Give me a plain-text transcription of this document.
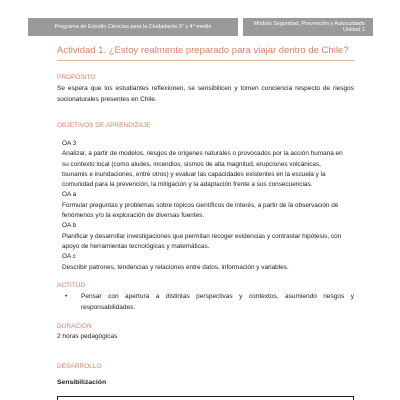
Programa de Estudio Ciencias para la Ciudadanía 3° y 4° medio
Módulo Seguridad, Prevención y Autocuidado
Unidad 1
Actividad 1. ¿Estoy realmente preparado para viajar dentro de Chile?
PROPÓSITO
Se espera que los estudiantes reflexionen, se sensibilicen y tomen conciencia respecto de riesgos socionaturales presentes en Chile.
OBJETIVOS DE APRENDIZAJE
OA 3
Analizar, a partir de modelos, riesgos de orígenes naturales o provocados por la acción humana en
su contexto local (como aludes, incendios, sismos de alta magnitud, erupciones volcánicas,
tsunamis e inundaciones, entre otros) y evaluar las capacidades existentes en la escuela y la
comunidad para la prevención, la mitigación y la adaptación frente a sus consecuencias.
OA a
Formular preguntas y problemas sobre tópicos científicos de interés, a partir de la observación de
fenómenos y/o la exploración de diversas fuentes.
OA b
Planificar y desarrollar investigaciones que permitan recoger evidencias y contrastar hipótesis, con
apoyo de herramientas tecnológicas y matemáticas.
OA c
Describir patrones, tendencias y relaciones entre datos, información y variables.
ACTITUD
•	Pensar con apertura a distintas perspectivas y contextos, asumiendo riesgos y responsabilidades.
DURACIÓN
2 horas pedagógicas
DESARROLLO
Sensibilización
